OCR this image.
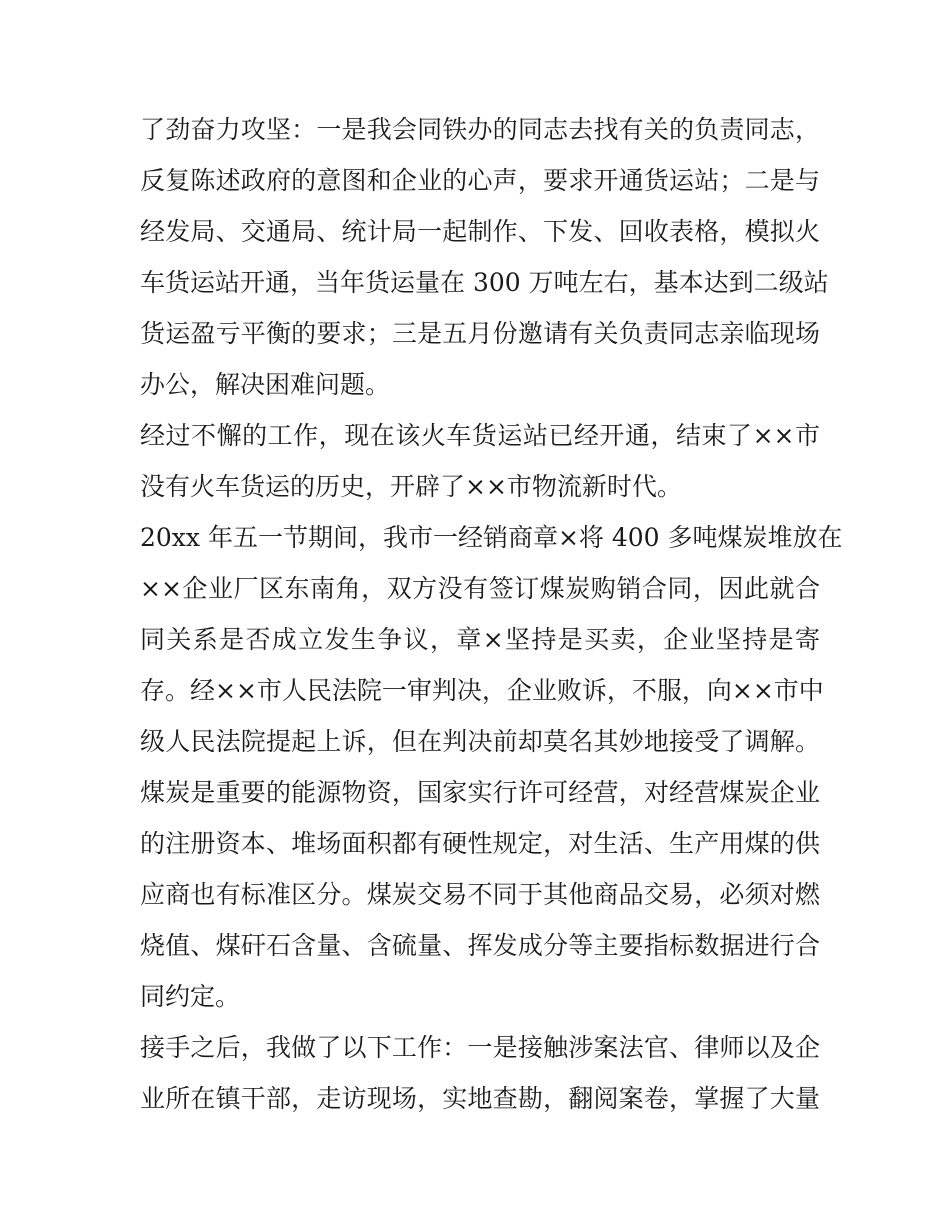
了劲奋力攻坚：一是我会同铁办的同志去找有关的负责同志，
反复陈述政府的意图和企业的心声，要求开通货运站；二是与
经发局、交通局、统计局一起制作、下发、回收表格，模拟火
车货运站开通，当年货运量在 300 万吨左右，基本达到二级站
货运盈亏平衡的要求；三是五月份邀请有关负责同志亲临现场
办公，解决困难问题。
经过不懈的工作，现在该火车货运站已经开通，结束了××市
没有火车货运的历史，开辟了××市物流新时代。
20xx 年五一节期间，我市一经销商章×将 400 多吨煤炭堆放在
××企业厂区东南角，双方没有签订煤炭购销合同，因此就合
同关系是否成立发生争议，章×坚持是买卖，企业坚持是寄
存。经××市人民法院一审判决，企业败诉，不服，向××市中
级人民法院提起上诉，但在判决前却莫名其妙地接受了调解。
煤炭是重要的能源物资，国家实行许可经营，对经营煤炭企业
的注册资本、堆场面积都有硬性规定，对生活、生产用煤的供
应商也有标准区分。煤炭交易不同于其他商品交易，必须对燃
烧值、煤矸石含量、含硫量、挥发成分等主要指标数据进行合
同约定。
接手之后，我做了以下工作：一是接触涉案法官、律师以及企
业所在镇干部，走访现场，实地查勘，翻阅案卷，掌握了大量
